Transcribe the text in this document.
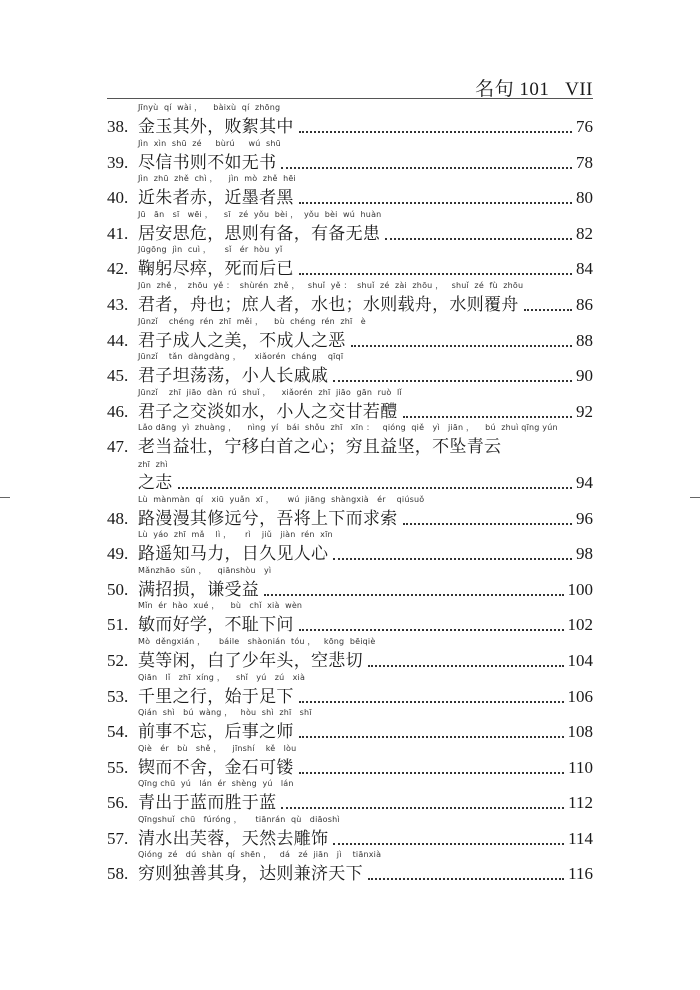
名句 101 VII
Jīnyù  qí  wài ，    bàixù  qí  zhōng
38. 金玉其外，败絮其中	76
Jìn  xìn  shū  zé     bùrú     wú  shū
39. 尽信书则不如无书	78
Jìn  zhū  zhě  chì ，    jìn  mò  zhě  hēi
40. 近朱者赤，近墨者黑	80
Jū   ān   sī   wēi ，    sī   zé  yǒu  bèi ，  yǒu  bèi  wú  huàn
41. 居安思危，思则有备，有备无患	82
Jūgōng  jìn  cuì ，     sǐ   ér  hòu  yǐ
42. 鞠躬尽瘁，死而后已	84
Jūn  zhě ，  zhōu  yě ：  shùrén  zhě ，   shuǐ  yě ：  shuǐ  zé  zài  zhōu ，   shuǐ  zé  fù  zhōu
43. 君者，舟也；庶人者，水也；水则载舟，水则覆舟	86
Jūnzǐ    chéng  rén  zhī  měi ，    bù  chéng  rén  zhī   è
44. 君子成人之美，不成人之恶	88
Jūnzǐ    tǎn  dàngdàng ，     xiǎorén  cháng    qīqī
45. 君子坦荡荡，小人长戚戚	90
Jūnzǐ    zhī  jiāo  dàn  rú  shuǐ ，    xiǎorén  zhī  jiāo  gān  ruò  lǐ
46. 君子之交淡如水，小人之交甘若醴	92
Lǎo dāng  yì  zhuàng ，    nìng  yí   bái  shǒu  zhī   xīn ：   qióng  qiě   yì   jiān ，    bú  zhuì qīng yún
47. 老当益壮，宁移白首之心；穷且益坚，不坠青云
zhī  zhì
之志	94
Lù  mànmàn  qí   xiū  yuǎn  xī ，     wú  jiāng  shàngxià   ér    qiúsuǒ
48. 路漫漫其修远兮，吾将上下而求索	96
Lù  yáo  zhī  mǎ    lì ，     rì    jiǔ   jiàn  rén  xīn
49. 路遥知马力，日久见人心	98
Mǎnzhāo  sǔn ，    qiānshòu   yì
50. 满招损，谦受益	100
Mǐn  ér  hào  xué ，    bù   chǐ  xià  wèn
51. 敏而好学，不耻下问	102
Mò  děngxián ，     báile   shàonián  tóu ，   kōng  bēiqiè
52. 莫等闲，白了少年头，空悲切	104
Qiān   lǐ   zhī  xíng ，    shǐ   yú   zú   xià
53. 千里之行，始于足下	106
Qián  shì   bú  wàng ，   hòu  shì  zhī   shī
54. 前事不忘，后事之师	108
Qiè   ér   bù   shě ，    jīnshí    kě   lòu
55. 锲而不舍，金石可镂	110
Qīng chū  yú   lán  ér  shèng  yú   lán
56. 青出于蓝而胜于蓝	112
Qīngshuǐ  chū   fúróng ，     tiānrán  qù   diāoshì
57. 清水出芙蓉，天然去雕饰	114
Qióng  zé   dú  shàn  qí  shēn ，   dá   zé  jiān   jì    tiānxià
58. 穷则独善其身，达则兼济天下	116
